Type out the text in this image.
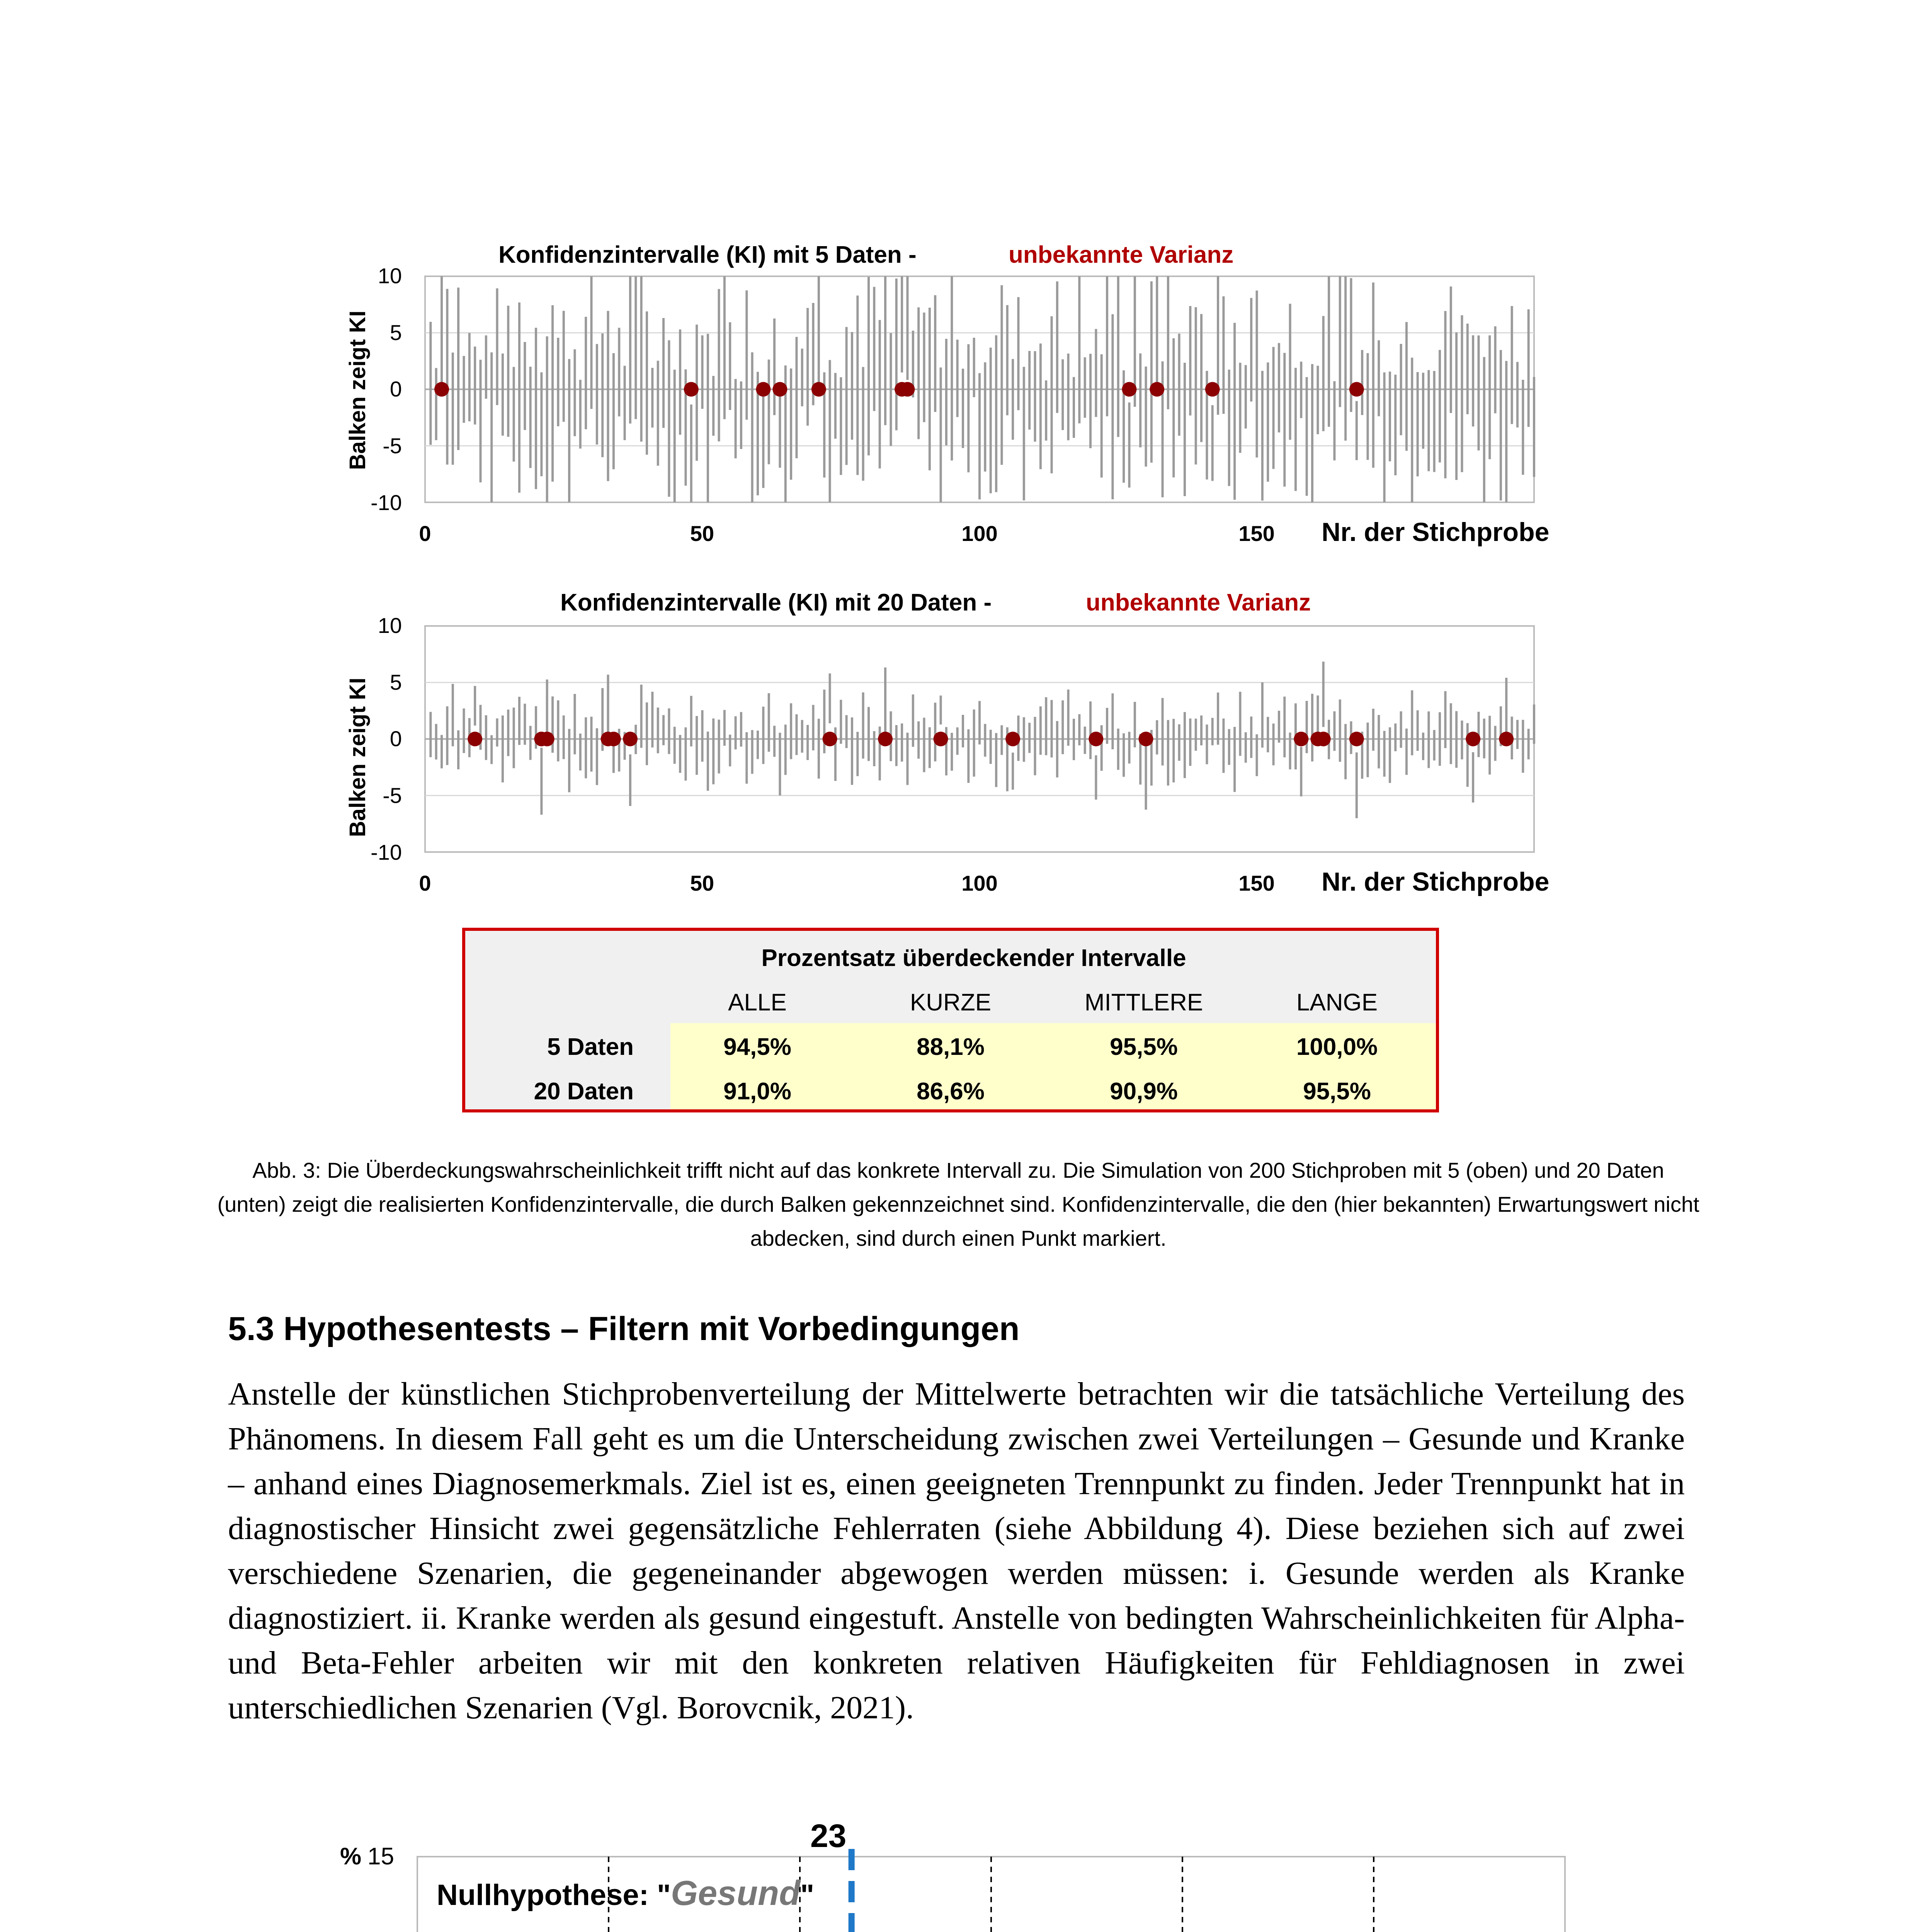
Konfidenzintervalle (KI) mit 5 Daten -	unbekannte Varianz
Balken zeigt KI
10
5
0
-5
-10
0	50	100	150 Nr. der Stichprobe
Konfidenzintervalle (KI) mit 20 Daten -	unbekannte Varianz
Balken zeigt KI
10
5
0
-5
-10
0	50	100	150 Nr. der Stichprobe
Prozentsatz überdeckender Intervalle
ALLE	KURZE	MITTLERE	LANGE
5 Daten	94,5%	88,1%	95,5%	100,0%
20 Daten	91,0%	86,6%	90,9%	95,5%
Abb. 3: Die Überdeckungswahrscheinlichkeit trifft nicht auf das konkrete Intervall zu. Die Simulation von 200 Stichproben mit 5 (oben) und 20 Daten (unten) zeigt die realisierten Konfidenzintervalle, die durch Balken gekennzeichnet sind. Konfidenzintervalle, die den (hier bekannten) Erwartungswert nicht abdecken, sind durch einen Punkt markiert.
5.3 Hypothesentests – Filtern mit Vorbedingungen
Anstelle der künstlichen Stichprobenverteilung der Mittelwerte betrachten wir die tatsächliche Verteilung des Phänomens. In diesem Fall geht es um die Unterscheidung zwischen zwei Verteilungen – Gesunde und Kranke – anhand eines Diagnosemerkmals. Ziel ist es, einen geeigneten Trennpunkt zu finden. Jeder Trennpunkt hat in diagnostischer Hinsicht zwei gegensätzliche Fehlerraten (siehe Abbildung 4). Diese beziehen sich auf zwei verschiedene Szenarien, die gegeneinander abgewogen werden müssen: i. Gesunde werden als Kranke diagnostiziert. ii. Kranke werden als gesund eingestuft. Anstelle von bedingten Wahrscheinlichkeiten für Alpha- und Beta-Fehler arbeiten wir mit den konkreten relativen Häufigkeiten für Fehldiagnosen in zwei unterschiedlichen Szenarien (Vgl. Borovcnik, 2021).
23
% 15
Nullhypothese: "Gesund"
